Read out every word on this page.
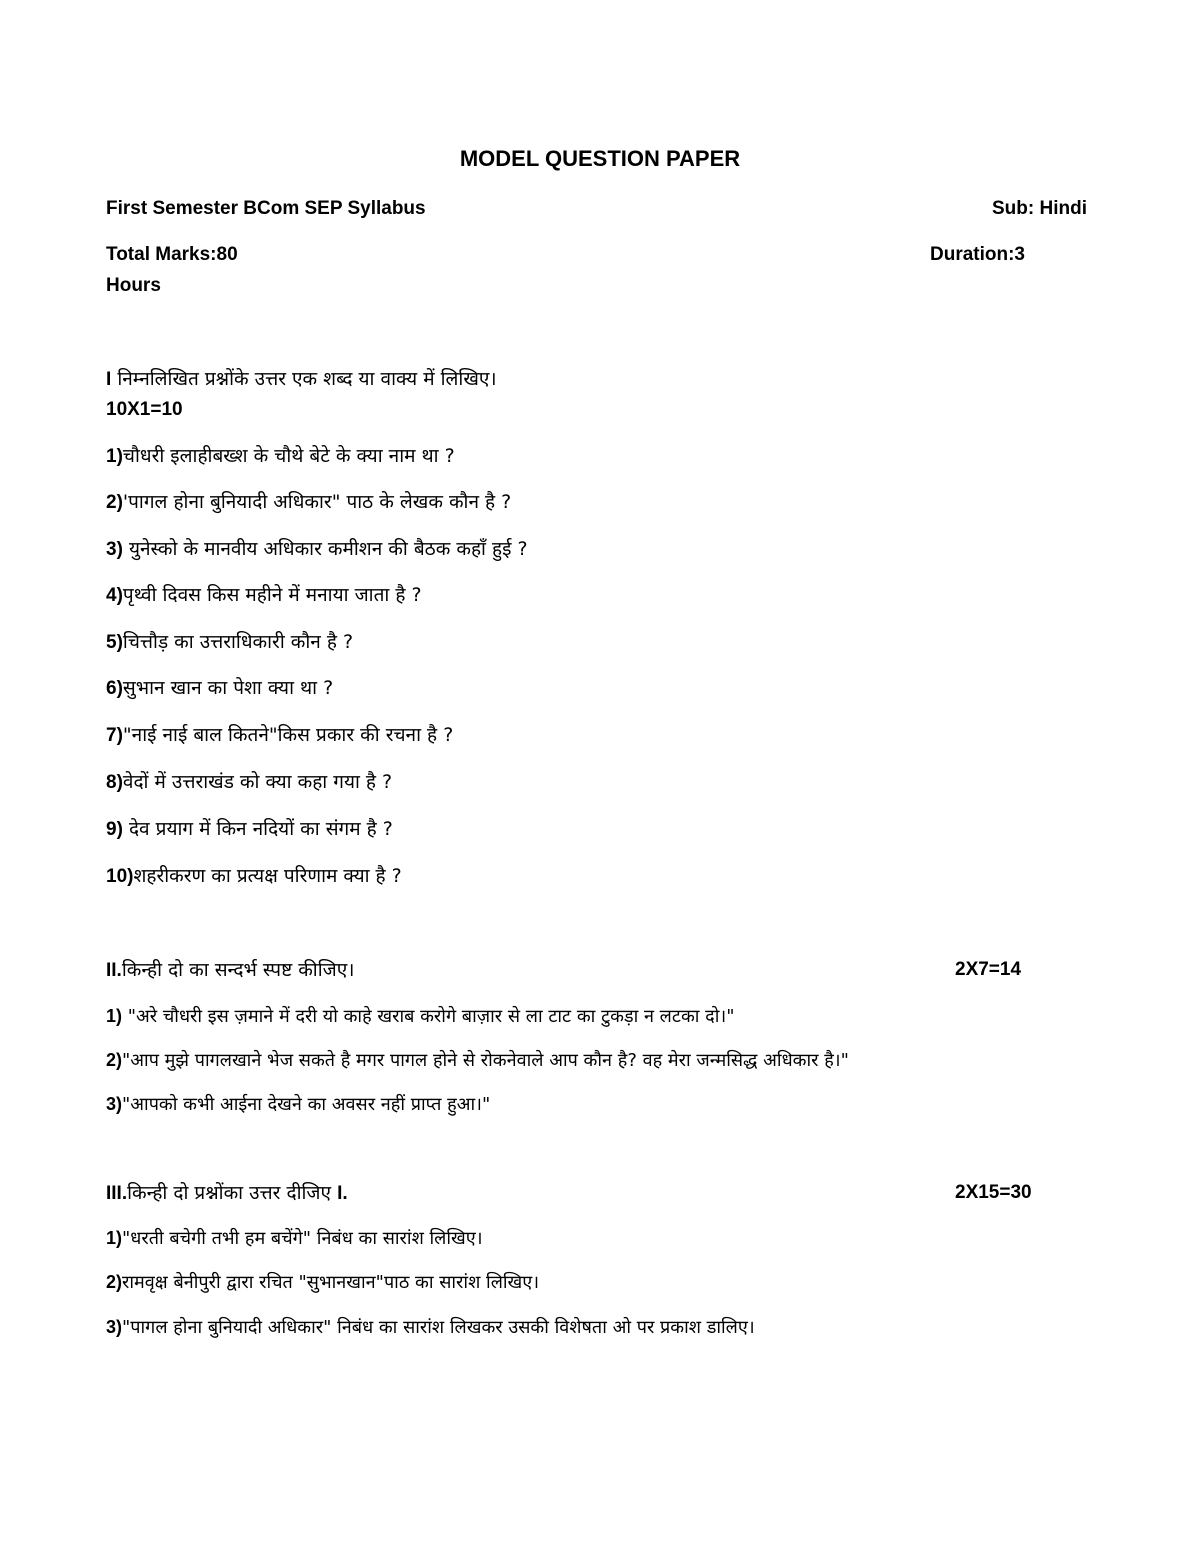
MODEL QUESTION PAPER
First Semester BCom SEP Syllabus	Sub: Hindi
Total Marks:80	Duration:3
Hours
I निम्नलिखित प्रश्नोंके उत्तर एक शब्द या वाक्य में लिखिए।
10X1=10
1)चौधरी इलाहीबख्श के चौथे बेटे के क्या नाम था ?
2)'पागल होना बुनियादी अधिकार" पाठ के लेखक कौन है ?
3) युनेस्को के मानवीय अधिकार कमीशन की बैठक कहाँ हुई ?
4)पृथ्वी दिवस किस महीने में मनाया जाता है ?
5)चित्तौड़ का उत्तराधिकारी कौन है ?
6)सुभान खान का पेशा क्या था ?
7)"नाई नाई बाल कितने"किस प्रकार की रचना है ?
8)वेदों में उत्तराखंड को क्या कहा गया है ?
9) देव प्रयाग में किन नदियों का संगम है ?
10)शहरीकरण का प्रत्यक्ष परिणाम क्या है ?
II.किन्ही दो का सन्दर्भ स्पष्ट कीजिए।	2X7=14
1) "अरे चौधरी इस ज़माने में दरी यो काहे खराब करोगे बाज़ार से ला टाट का टुकड़ा न लटका दो।"
2)"आप मुझे पागलखाने भेज सकते है मगर पागल होने से रोकनेवाले आप कौन है? वह मेरा जन्मसिद्ध अधिकार है।"
3)"आपको कभी आईना देखने का अवसर नहीं प्राप्त हुआ।"
III.किन्ही दो प्रश्नोंका उत्तर दीजिए I.	2X15=30
1)"धरती बचेगी तभी हम बचेंगे" निबंध का सारांश लिखिए।
2)रामवृक्ष बेनीपुरी द्वारा रचित "सुभानखान"पाठ का सारांश लिखिए।
3)"पागल होना बुनियादी अधिकार" निबंध का सारांश लिखकर उसकी विशेषता ओ पर प्रकाश डालिए।
